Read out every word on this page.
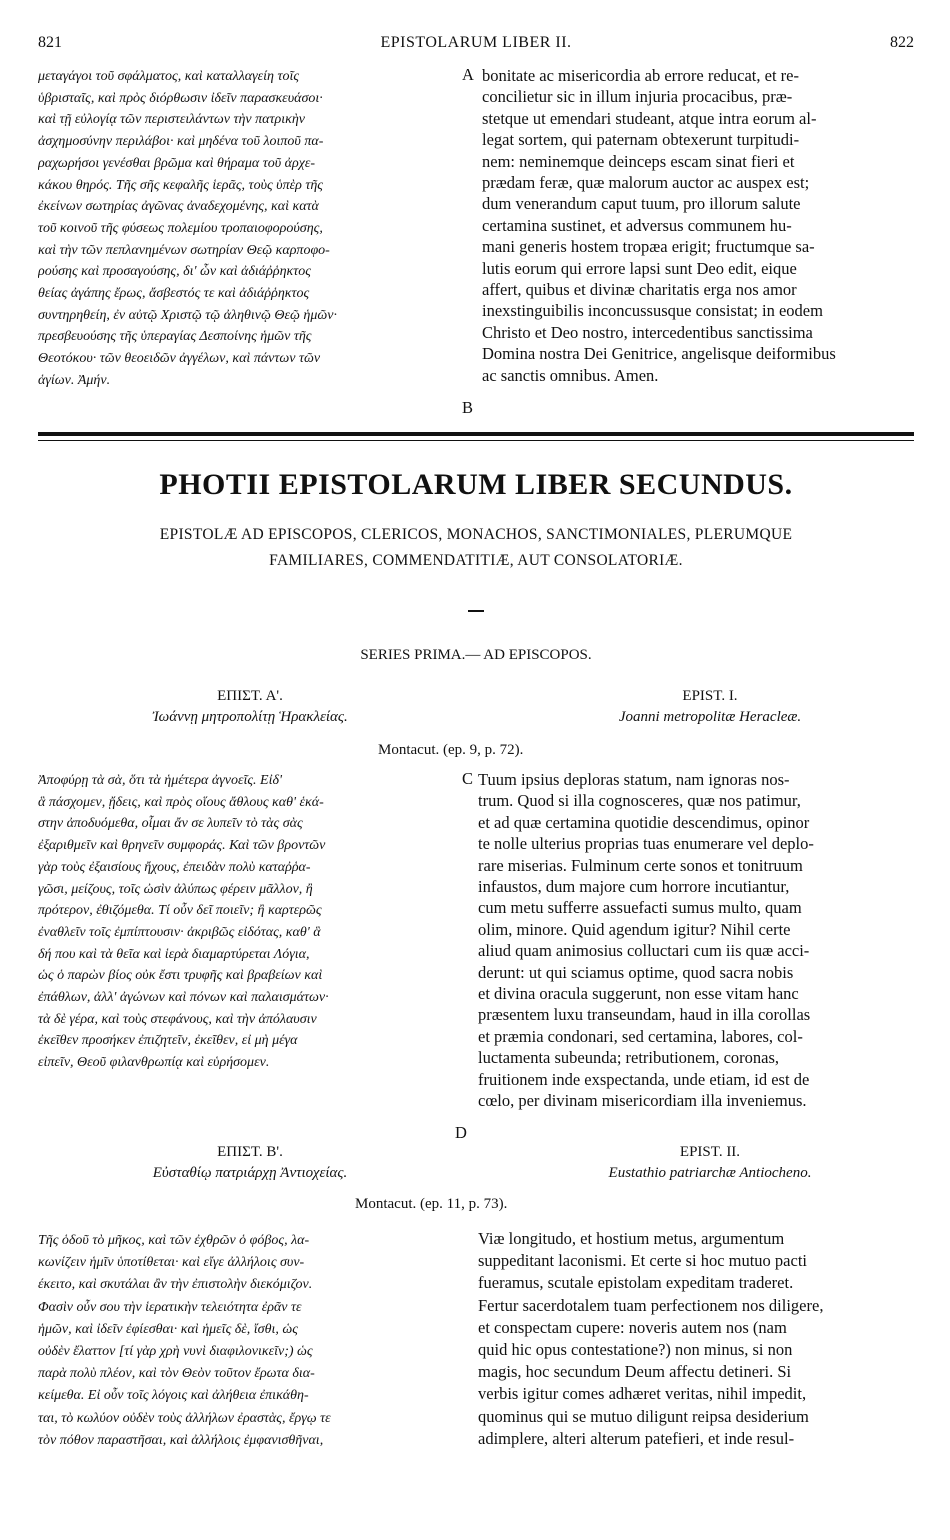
821	EPISTOLARUM LIBER II.	822
μεταγάγοι τοῦ σφάλματος, καὶ καταλλαγείη τοῖς
ὑβρισταῖς, καὶ πρὸς διόρθωσιν ἰδεῖν παρασκευάσοι·
καὶ τῇ εὐλογίᾳ τῶν περιστειλάντων τὴν πατρικὴν
ἀσχημοσύνην περιλάβοι· καὶ μηδένα τοῦ λοιποῦ πα-
ραχωρήσοι γενέσθαι βρῶμα καὶ θήραμα τοῦ ἀρχε-
κάκου θηρός. Τῆς σῆς κεφαλῆς ἱερᾶς, τοὺς ὑπὲρ τῆς
ἐκείνων σωτηρίας ἀγῶνας ἀναδεχομένης, καὶ κατὰ
τοῦ κοινοῦ τῆς φύσεως πολεμίου τροπαιοφορούσης,
καὶ τὴν τῶν πεπλανημένων σωτηρίαν Θεῷ καρποφο-
ρούσης καὶ προσαγούσης, δι' ὧν καὶ ἀδιάῤῥηκτος
θείας ἀγάπης ἔρως, ἄσβεστός τε καὶ ἀδιάῤῥηκτος
συντηρηθείη, ἐν αὐτῷ Χριστῷ τῷ ἀληθινῷ Θεῷ ἡμῶν·
πρεσβευούσης τῆς ὑπεραγίας Δεσποίνης ἡμῶν τῆς
Θεοτόκου· τῶν θεοειδῶν ἀγγέλων, καὶ πάντων τῶν
ἁγίων. Ἀμήν.
A
B
bonitate ac misericordia ab errore reducat, et re-
concilietur sic in illum injuria procacibus, præ-
stetque ut emendari studeant, atque intra eorum al-
legat sortem, qui paternam obtexerunt turpitudi-
nem: neminemque deinceps escam sinat fieri et
prædam feræ, quæ malorum auctor ac auspex est;
dum venerandum caput tuum, pro illorum salute
certamina sustinet, et adversus communem hu-
mani generis hostem tropæa erigit; fructumque sa-
lutis eorum qui errore lapsi sunt Deo edit, eique
affert, quibus et divinæ charitatis erga nos amor
inexstinguibilis inconcussusque consistat; in eodem
Christo et Deo nostro, intercedentibus sanctissima
Domina nostra Dei Genitrice, angelisque deiformibus
ac sanctis omnibus. Amen.
PHOTII EPISTOLARUM LIBER SECUNDUS.
EPISTOLÆ AD EPISCOPOS, CLERICOS, MONACHOS, SANCTIMONIALES, PLERUMQUE
FAMILIARES, COMMENDATITIÆ, AUT CONSOLATORIÆ.
SERIES PRIMA.— AD EPISCOPOS.
ΕΠΙΣΤ. Α'.
Ἰωάννῃ μητροπολίτῃ Ἡρακλείας.
EPIST. I.
Joanni metropolitæ Heracleæ.
Montacut. (ep. 9, p. 72).
Ἀποφύρῃ τὰ σὰ, ὅτι τὰ ἡμέτερα ἀγνοεῖς. Εἰδ'
ἃ πάσχομεν, ᾔδεις, καὶ πρὸς οἵους ἄθλους καθ' ἑκά-
στην ἀποδυόμεθα, οἶμαι ἄν σε λυπεῖν τὸ τὰς σὰς
ἐξαριθμεῖν καὶ θρηνεῖν συμφοράς. Καὶ τῶν βροντῶν
γὰρ τοὺς ἐξαισίους ἤχους, ἐπειδὰν πολὺ καταῤῥα-
γῶσι, μείζους, τοῖς ὠσὶν ἀλύπως φέρειν μᾶλλον, ἢ
πρότερον, ἐθιζόμεθα. Τί οὖν δεῖ ποιεῖν; ἢ καρτερῶς
ἐναθλεῖν τοῖς ἐμπίπτουσιν· ἀκριβῶς εἰδότας, καθ' ἃ
δή που καὶ τὰ θεῖα καὶ ἱερὰ διαμαρτύρεται Λόγια,
ὡς ὁ παρὼν βίος οὐκ ἔστι τρυφῆς καὶ βραβείων καὶ
ἐπάθλων, ἀλλ' ἀγώνων καὶ πόνων καὶ παλαισμάτων·
τὰ δὲ γέρα, καὶ τοὺς στεφάνους, καὶ τὴν ἀπόλαυσιν
ἐκεῖθεν προσήκεν ἐπιζητεῖν, ἐκεῖθεν, εἰ μὴ μέγα
εἰπεῖν, Θεοῦ φιλανθρωπίᾳ καὶ εὑρήσομεν.
C
D
Tuum ipsius deploras statum, nam ignoras nos-
trum. Quod si illa cognosceres, quæ nos patimur,
et ad quæ certamina quotidie descendimus, opinor
te nolle ulterius proprias tuas enumerare vel deplo-
rare miserias. Fulminum certe sonos et tonitruum
infaustos, dum majore cum horrore incutiantur,
cum metu sufferre assuefacti sumus multo, quam
olim, minore. Quid agendum igitur? Nihil certe
aliud quam animosius colluctari cum iis quæ acci-
derunt: ut qui sciamus optime, quod sacra nobis
et divina oracula suggerunt, non esse vitam hanc
præsentem luxu transeundam, haud in illa corollas
et præmia condonari, sed certamina, labores, col-
luctamenta subeunda; retributionem, coronas,
fruitionem inde exspectanda, unde etiam, id est de
cœlo, per divinam misericordiam illa inveniemus.
ΕΠΙΣΤ. Β'.
Εὐσταθίῳ πατριάρχῃ Ἀντιοχείας.
EPIST. II.
Eustathio patriarchæ Antiocheno.
Montacut. (ep. 11, p. 73).
Τῆς ὁδοῦ τὸ μῆκος, καὶ τῶν ἐχθρῶν ὁ φόβος, λα-
κωνίζειν ἡμῖν ὑποτίθεται· καὶ εἴγε ἀλλήλοις συν-
έκειτο, καὶ σκυτάλαι ἂν τὴν ἐπιστολὴν διεκόμιζον.
Φασὶν οὖν σου τὴν ἱερατικὴν τελειότητα ἐρᾶν τε
ἡμῶν, καὶ ἰδεῖν ἐφίεσθαι· καὶ ἡμεῖς δὲ, ἴσθι, ὡς
οὐδὲν ἔλαττον [τί γὰρ χρὴ νυνὶ διαφιλονικεῖν;) ὡς
παρὰ πολὺ πλέον, καὶ τὸν Θεὸν τοῦτον ἔρωτα δια-
κείμεθα. Εἰ οὖν τοῖς λόγοις καὶ ἀλήθεια ἐπικάθη-
ται, τὸ κωλύον οὐδὲν τοὺς ἀλλήλων ἐραστὰς, ἔργῳ τε
τὸν πόθον παραστῆσαι, καὶ ἀλλήλοις ἐμφανισθῆναι,
Viæ longitudo, et hostium metus, argumentum
suppeditant laconismi. Et certe si hoc mutuo pacti
fueramus, scutale epistolam expeditam traderet.
Fertur sacerdotalem tuam perfectionem nos diligere,
et conspectam cupere: noveris autem nos (nam
quid hic opus contestatione?) non minus, si non
magis, hoc secundum Deum affectu detineri. Si
verbis igitur comes adhæret veritas, nihil impedit,
quominus qui se mutuo diligunt reipsa desiderium
adimplere, alteri alterum patefieri, et inde resul-
